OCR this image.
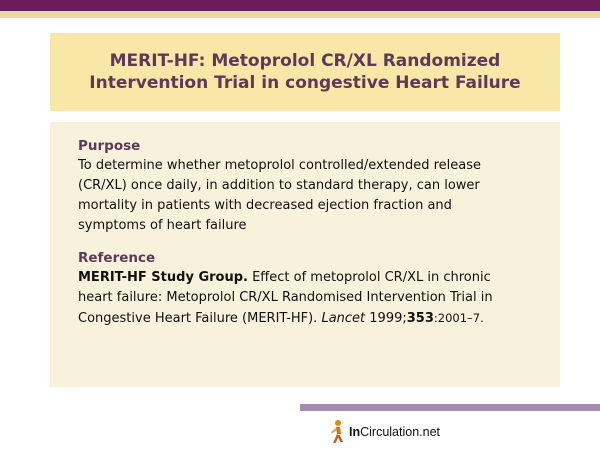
MERIT-HF: Metoprolol CR/XL Randomized
Intervention Trial in congestive Heart Failure
Purpose
To determine whether metoprolol controlled/extended release
(CR/XL) once daily, in addition to standard therapy, can lower
mortality in patients with decreased ejection fraction and
symptoms of heart failure
Reference
MERIT-HF Study Group. Effect of metoprolol CR/XL in chronic
heart failure: Metoprolol CR/XL Randomised Intervention Trial in
Congestive Heart Failure (MERIT-HF). Lancet 1999;353:2001–7.
In Circulation.net
